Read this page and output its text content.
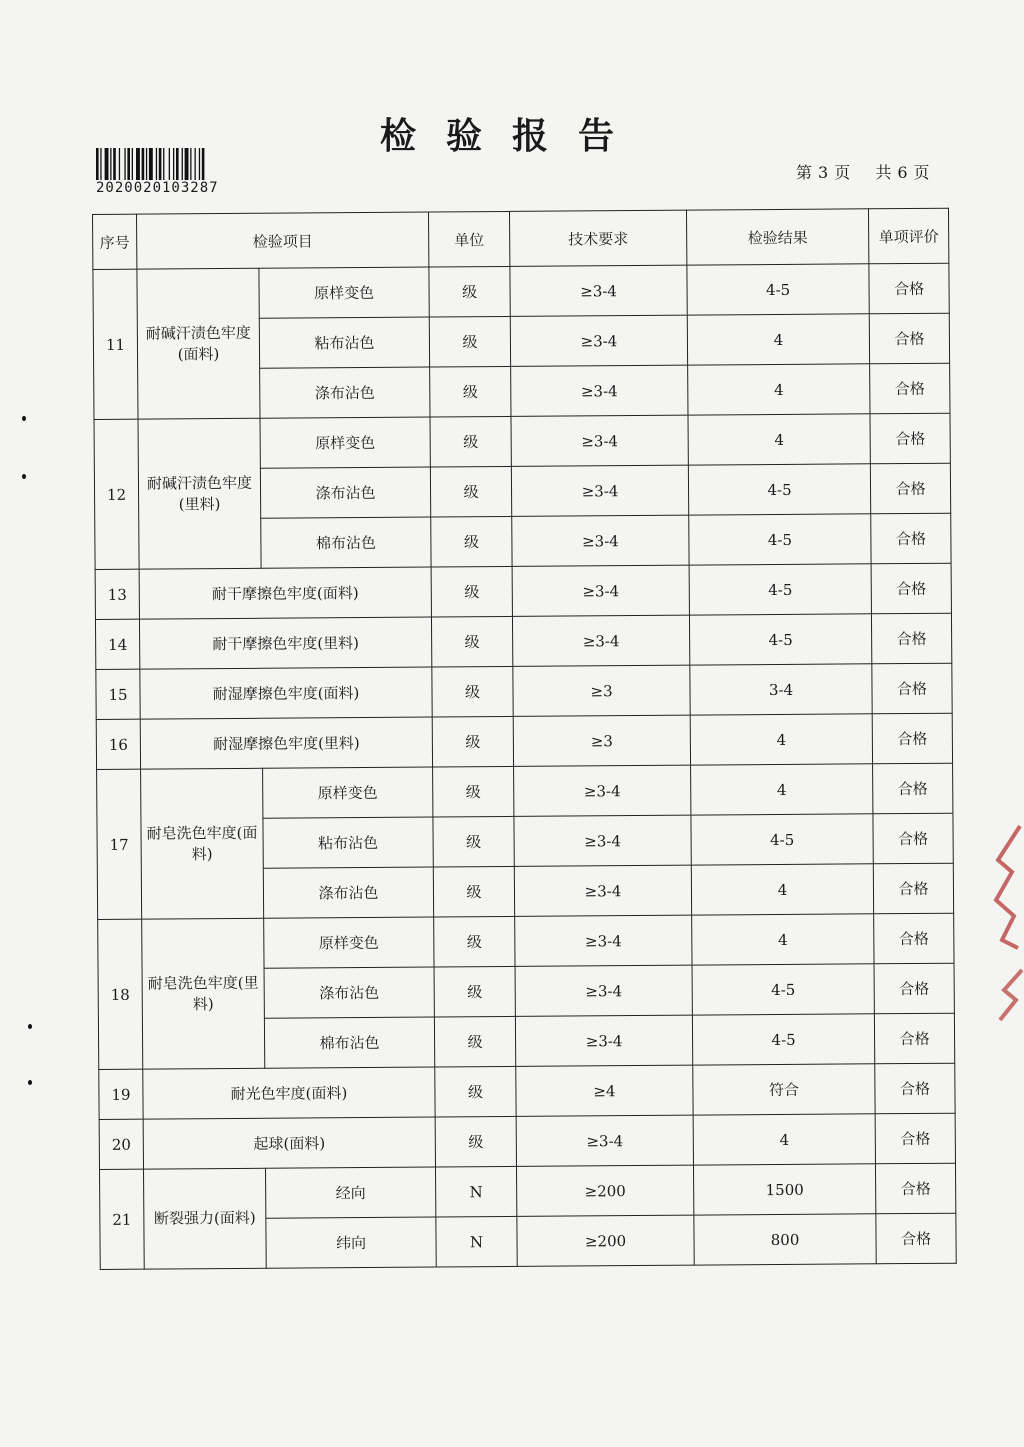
检验报告
2020020103287
第 3 页 共 6 页
序号	检验项目		单位	技术要求	检验结果	单项评价
11	耐碱汗渍色牢度(面料)	原样变色	级	≥3-4	4-5	合格
		粘布沾色	级	≥3-4	4	合格
		涤布沾色	级	≥3-4	4	合格
12	耐碱汗渍色牢度(里料)	原样变色	级	≥3-4	4	合格
		涤布沾色	级	≥3-4	4-5	合格
		棉布沾色	级	≥3-4	4-5	合格
13	耐干摩擦色牢度(面料)		级	≥3-4	4-5	合格
14	耐干摩擦色牢度(里料)		级	≥3-4	4-5	合格
15	耐湿摩擦色牢度(面料)		级	≥3	3-4	合格
16	耐湿摩擦色牢度(里料)		级	≥3	4	合格
17	耐皂洗色牢度(面料)	原样变色	级	≥3-4	4	合格
		粘布沾色	级	≥3-4	4-5	合格
		涤布沾色	级	≥3-4	4	合格
18	耐皂洗色牢度(里料)	原样变色	级	≥3-4	4	合格
		涤布沾色	级	≥3-4	4-5	合格
		棉布沾色	级	≥3-4	4-5	合格
19	耐光色牢度(面料)		级	≥4	符合	合格
20	起球(面料)		级	≥3-4	4	合格
21	断裂强力(面料)	经向	N	≥200	1500	合格
		纬向	N	≥200	800	合格
